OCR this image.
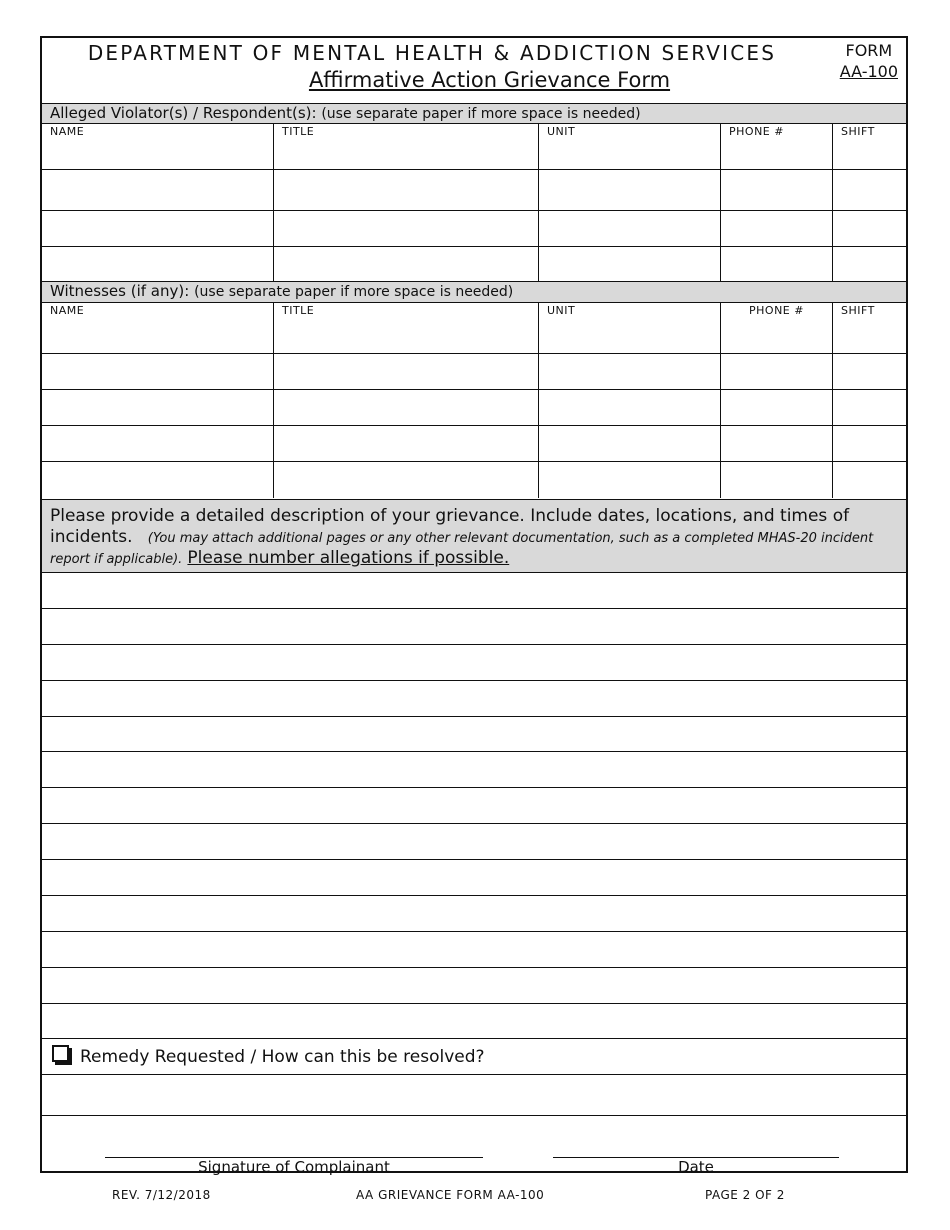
DEPARTMENT OF MENTAL HEALTH & ADDICTION SERVICES
Affirmative Action Grievance Form
FORM
AA-100
Alleged Violator(s) / Respondent(s): (use separate paper if more space is needed)
NAME	TITLE	UNIT	PHONE #	SHIFT
Witnesses (if any): (use separate paper if more space is needed)
NAME	TITLE	UNIT	PHONE #	SHIFT
Please provide a detailed description of your grievance. Include dates, locations, and times of incidents. (You may attach additional pages or any other relevant documentation, such as a completed MHAS-20 incident report if applicable). Please number allegations if possible.
Remedy Requested / How can this be resolved?
Signature of Complainant	Date
REV. 7/12/2018	AA GRIEVANCE FORM AA-100	PAGE 2 OF 2
